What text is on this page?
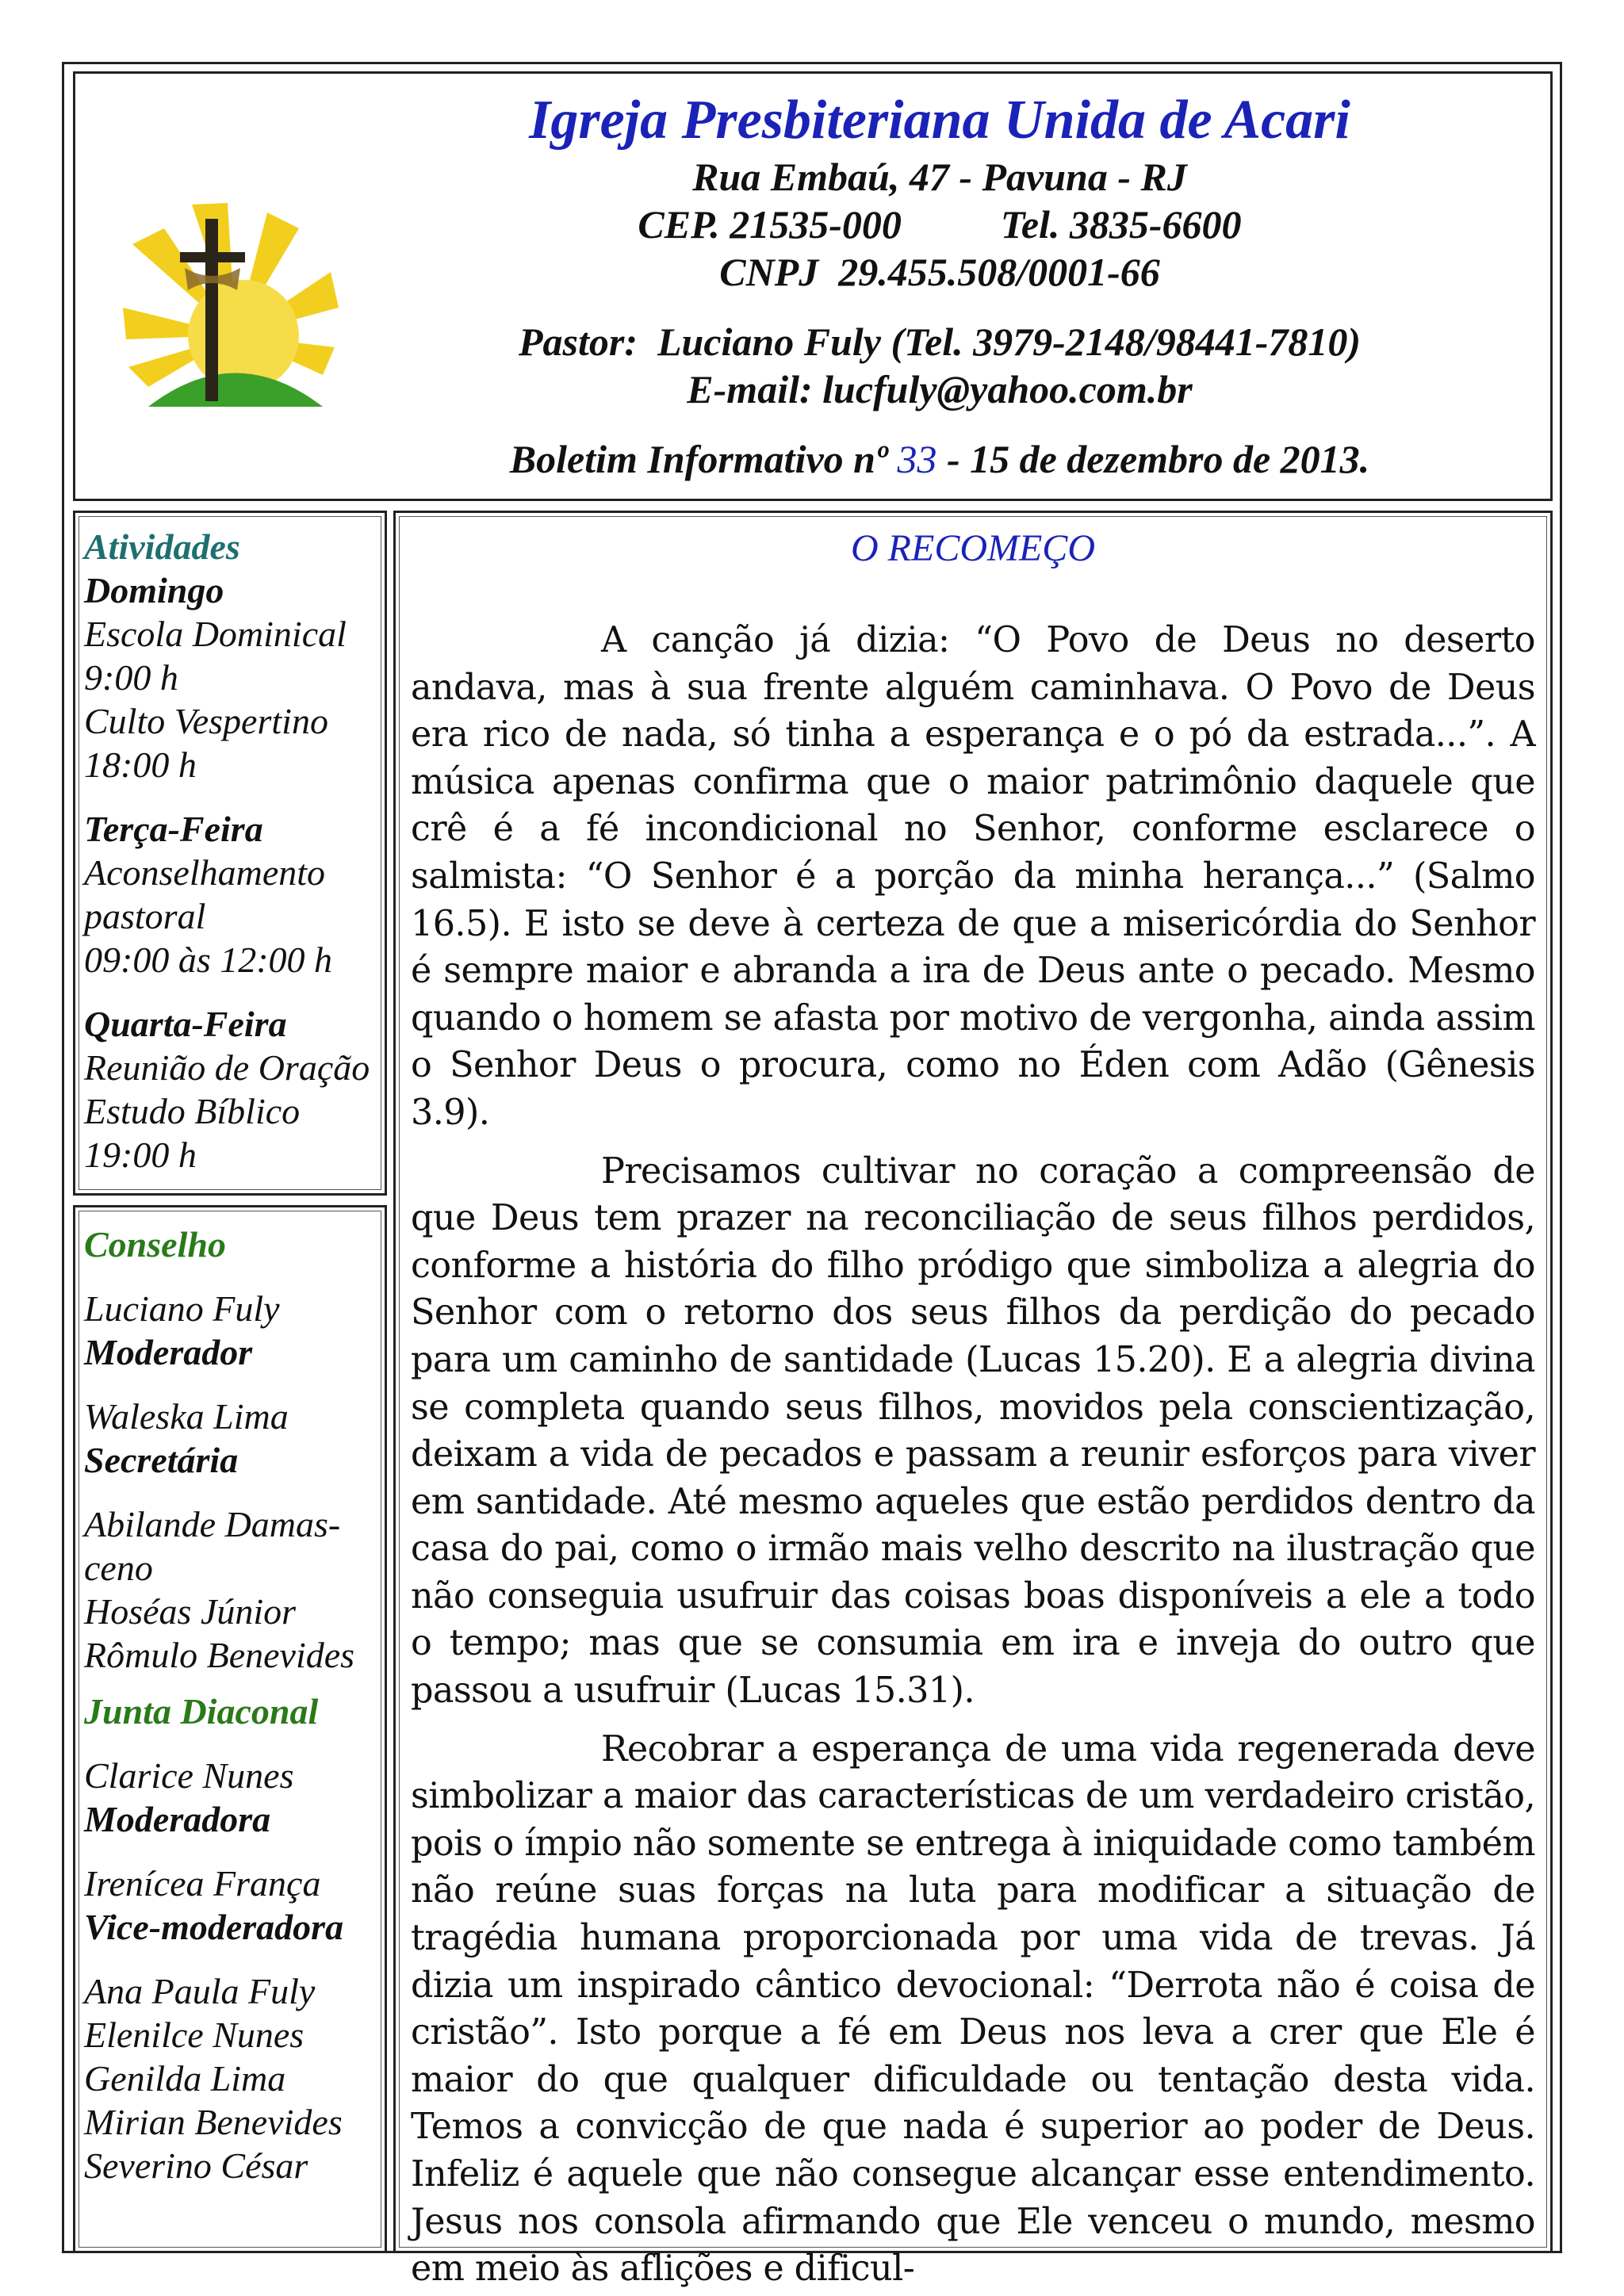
Igreja Presbiteriana Unida de Acari
Rua Embaú, 47 - Pavuna - RJ
CEP. 21535-000	Tel. 3835-6600
CNPJ  29.455.508/0001-66
Pastor:  Luciano Fuly (Tel. 3979-2148/98441-7810)
E-mail: lucfuly@yahoo.com.br
Boletim Informativo nº 33 - 15 de dezembro de 2013.
Atividades
Domingo
Escola Dominical
9:00 h
Culto Vespertino
18:00 h
Terça-Feira
Aconselhamento
pastoral
09:00 às 12:00 h
Quarta-Feira
Reunião de Oração
Estudo Bíblico
19:00 h
Conselho
Luciano Fuly
Moderador
Waleska Lima
Secretária
Abilande Damas-
ceno
Hoséas Júnior
Rômulo Benevides
Junta Diaconal
Clarice Nunes
Moderadora
Irenícea França
Vice-moderadora
Ana Paula Fuly
Elenilce Nunes
Genilda Lima
Mirian Benevides
Severino César
O RECOMEÇO

A canção já dizia: “O Povo de Deus no deserto andava, mas à sua frente alguém caminhava. O Povo de Deus era rico de nada, só tinha a esperança e o pó da estrada...”. A música apenas confirma que o maior patrimônio daquele que crê é a fé incondicional no Senhor, conforme esclarece o salmista: “O Senhor é a porção da minha herança...” (Salmo 16.5). E isto se deve à certeza de que a misericórdia do Senhor é sempre maior e abranda a ira de Deus ante o pecado. Mesmo quando o homem se afasta por motivo de vergonha, ainda assim o Senhor Deus o procura, como no Éden com Adão (Gênesis 3.9).

Precisamos cultivar no coração a compreensão de que Deus tem prazer na reconciliação de seus filhos perdidos, conforme a história do filho pródigo que simboliza a alegria do Senhor com o retorno dos seus filhos da perdição do pecado para um caminho de santidade (Lucas 15.20). E a alegria divina se completa quando seus filhos, movidos pela conscientização, deixam a vida de pecados e passam a reunir esforços para viver em santidade. Até mesmo aqueles que estão perdidos dentro da casa do pai, como o irmão mais velho descrito na ilustração que não conseguia usufruir das coisas boas disponíveis a ele a todo o tempo; mas que se consumia em ira e inveja do outro que passou a usufruir (Lucas 15.31).

Recobrar a esperança de uma vida regenerada deve simbolizar a maior das características de um verdadeiro cristão, pois o ímpio não somente se entrega à iniquidade como também não reúne suas forças na luta para modificar a situação de tragédia humana proporcionada por uma vida de trevas. Já dizia um inspirado cântico devocional: “Derrota não é coisa de cristão”. Isto porque a fé em Deus nos leva a crer que Ele é maior do que qualquer dificuldade ou tentação desta vida. Temos a convicção de que nada é superior ao poder de Deus. Infeliz é aquele que não consegue alcançar esse entendimento. Jesus nos consola afirmando que Ele venceu o mundo, mesmo em meio às aflições e dificul-
